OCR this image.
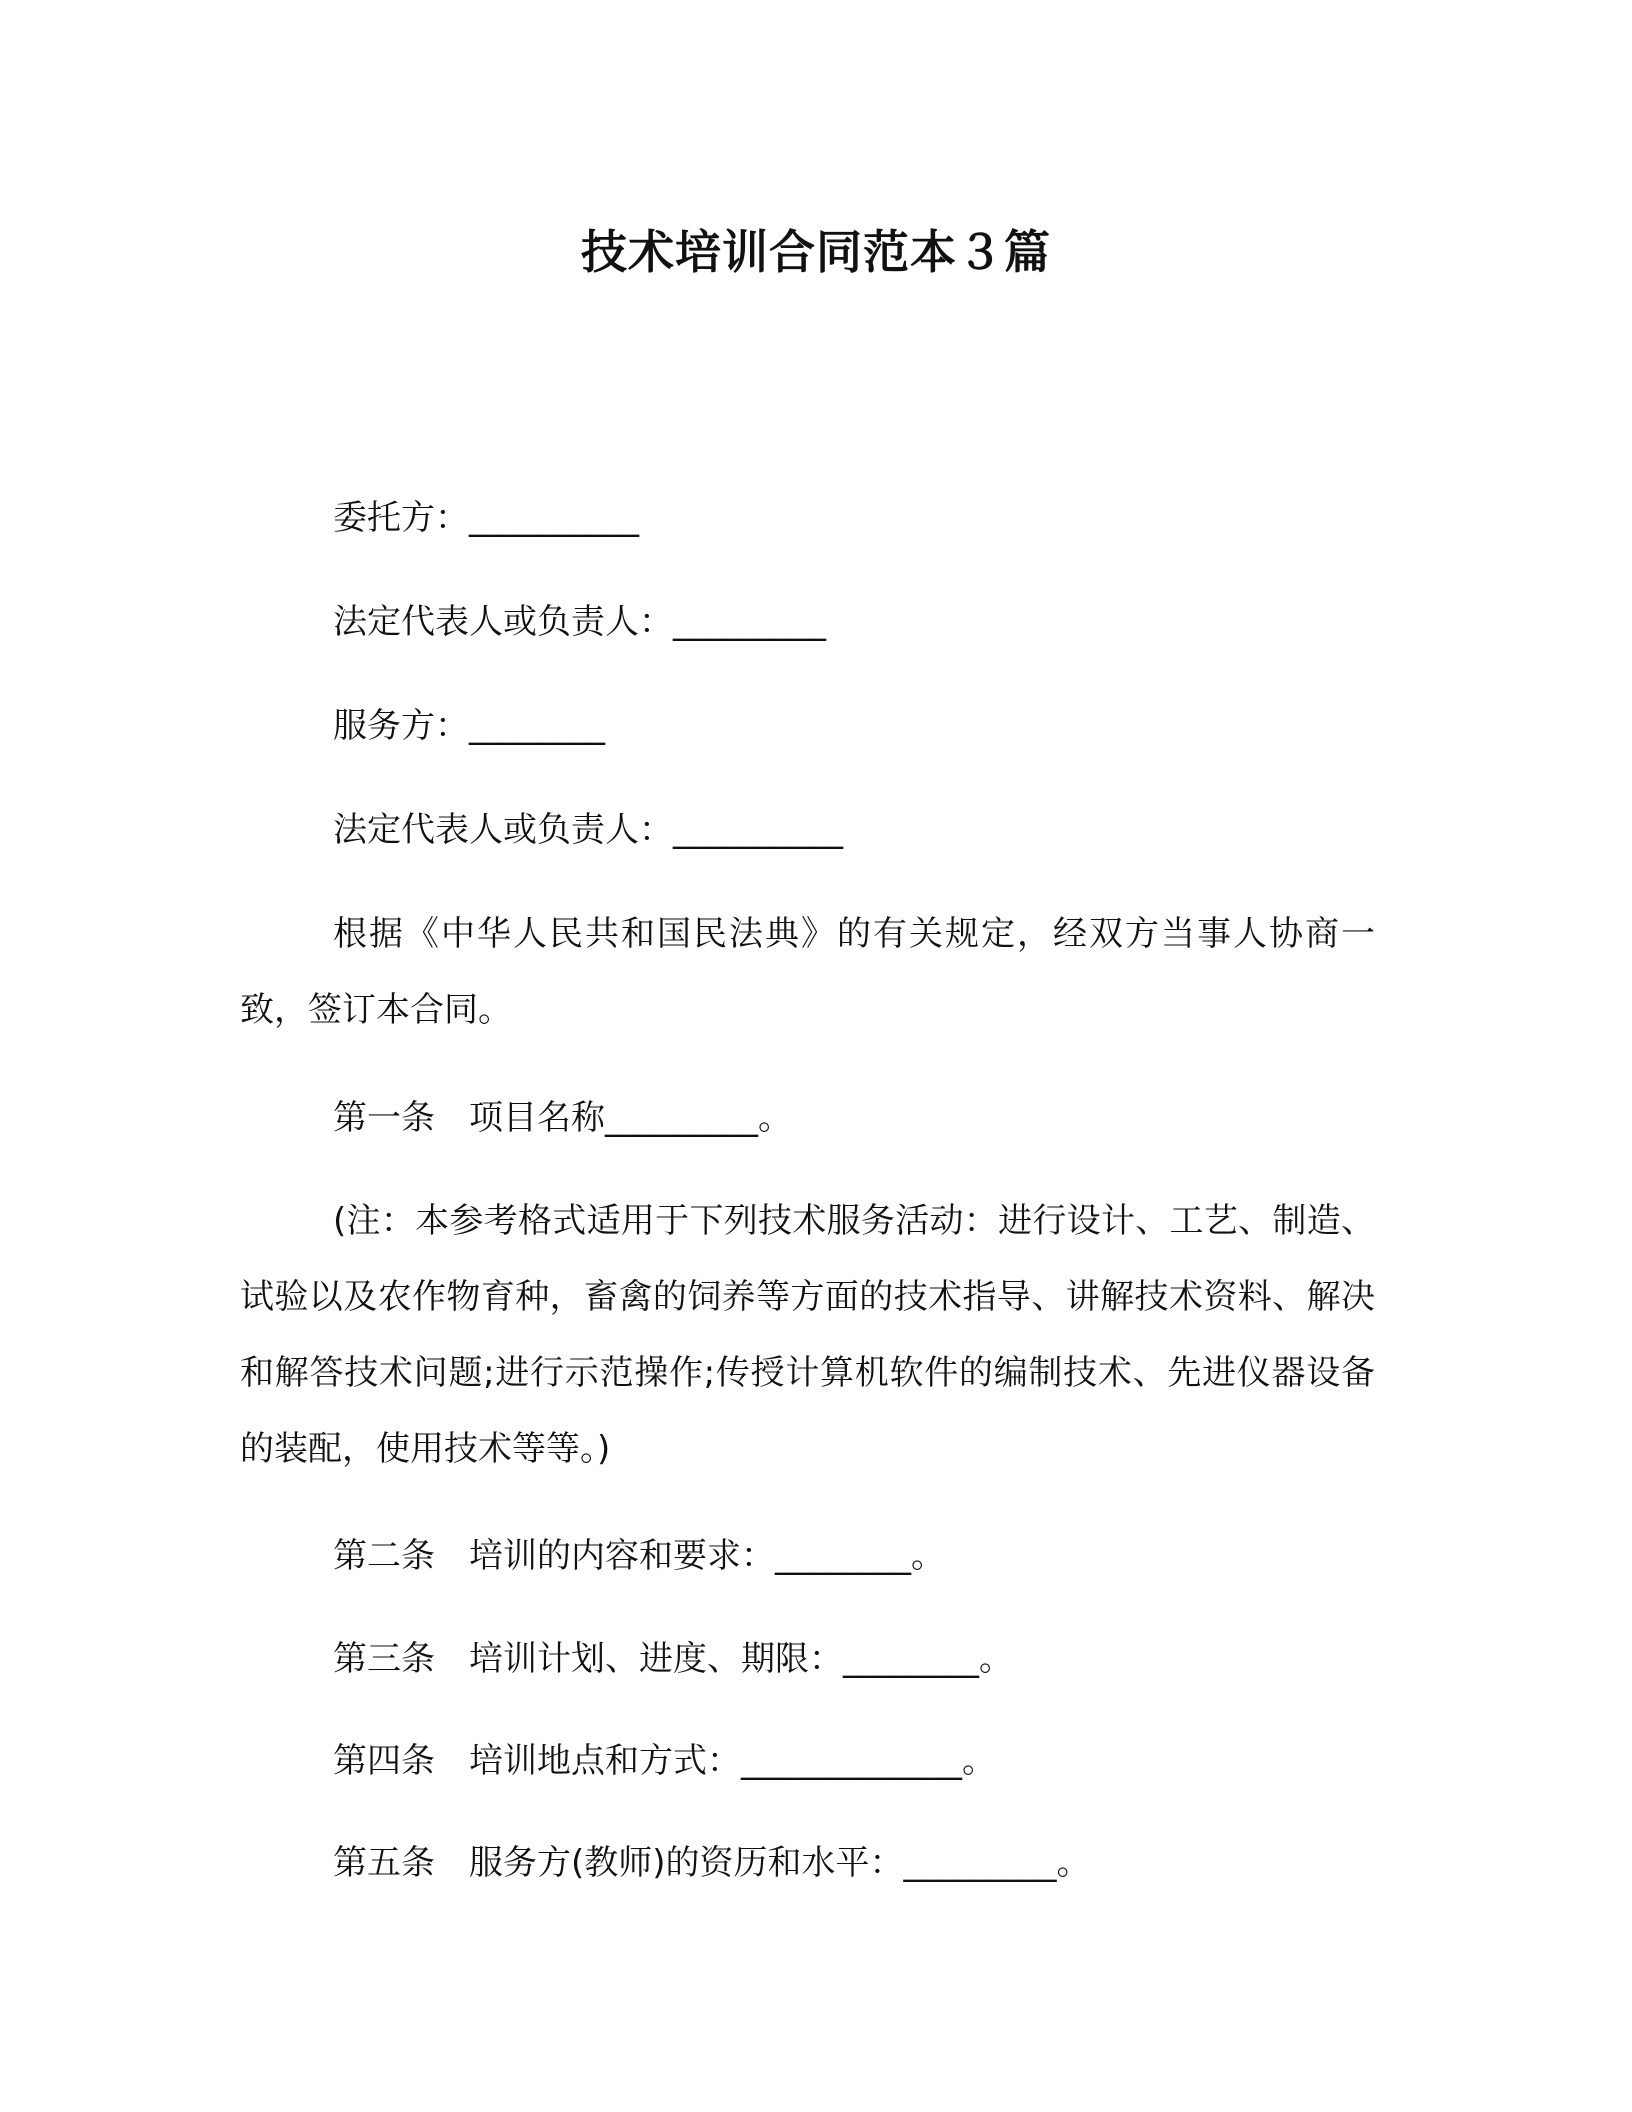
技术培训合同范本３篇
委托方：__________
法定代表人或负责人：_________
服务方：________
法定代表人或负责人：__________

根据《中华人民共和国民法典》的有关规定，经双方当事人协商一致，签订本合同。

第一条　项目名称_________。

(注：本参考格式适用于下列技术服务活动：进行设计、工艺、制造、试验以及农作物育种，畜禽的饲养等方面的技术指导、讲解技术资料、解决和解答技术问题;进行示范操作;传授计算机软件的编制技术、先进仪器设备的装配，使用技术等等。)

第二条　培训的内容和要求：________。
第三条　培训计划、进度、期限：________。
第四条　培训地点和方式：_____________。
第五条　服务方(教师)的资历和水平：_________。
